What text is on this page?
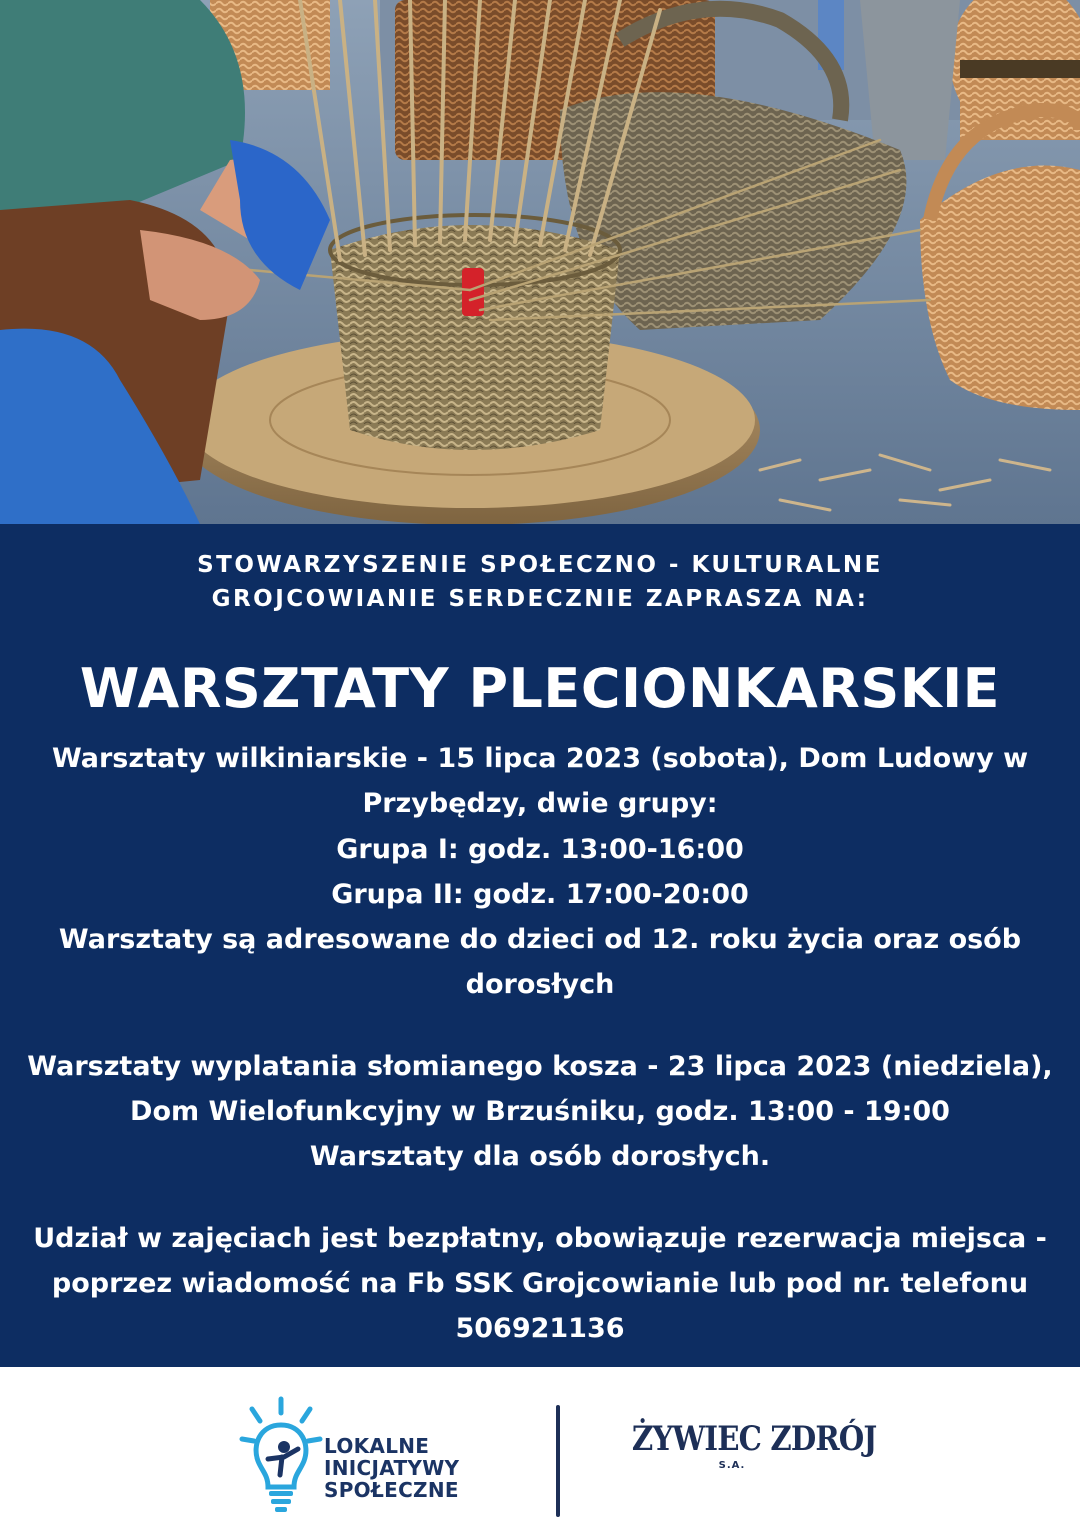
STOWARZYSZENIE SPOŁECZNO - KULTURALNE
GROJCOWIANIE SERDECZNIE ZAPRASZA NA:
WARSZTATY PLECIONKARSKIE
Warsztaty wilkiniarskie - 15 lipca 2023 (sobota), Dom Ludowy w
Przybędzy, dwie grupy:
Grupa I: godz. 13:00-16:00
Grupa II: godz. 17:00-20:00
Warsztaty są adresowane do dzieci od 12. roku życia oraz osób
dorosłych
Warsztaty wyplatania słomianego kosza - 23 lipca 2023 (niedziela),
Dom Wielofunkcyjny w Brzuśniku, godz. 13:00 - 19:00
Warsztaty dla osób dorosłych.
Udział w zajęciach jest bezpłatny, obowiązuje rezerwacja miejsca -
poprzez wiadomość na Fb SSK Grojcowianie lub pod nr. telefonu
506921136
LOKALNE
INICJATYWY
SPOŁECZNE
ŻYWIEC ZDRÓJ
S.A.
